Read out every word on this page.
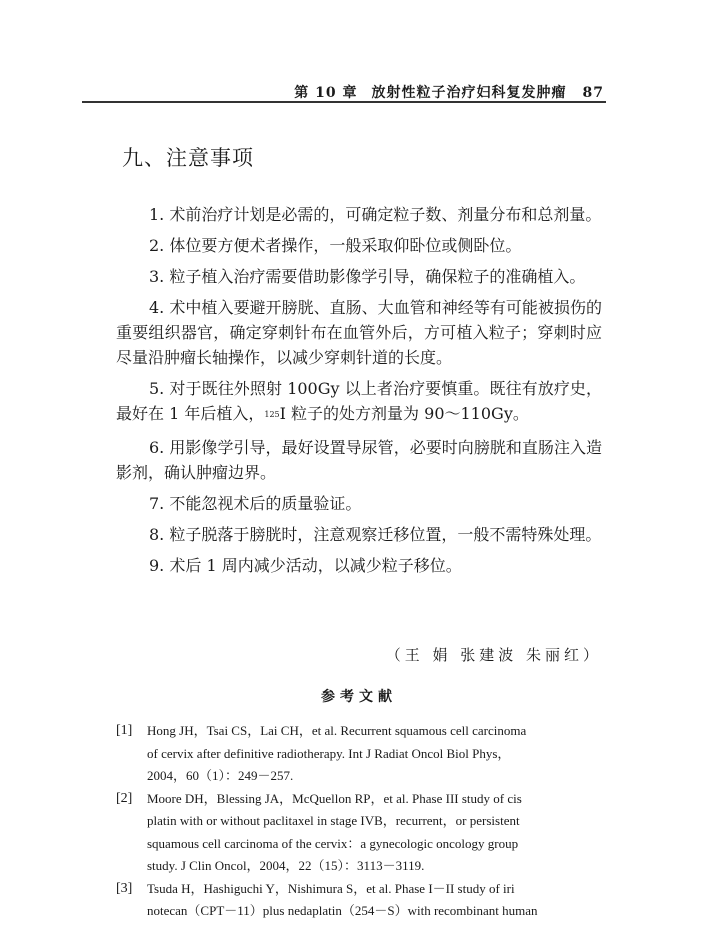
第 10 章 放射性粒子治疗妇科复发肿瘤 87
九、注意事项

1. 术前治疗计划是必需的，可确定粒子数、剂量分布和总剂量。

2. 体位要方便术者操作，一般采取仰卧位或侧卧位。

3. 粒子植入治疗需要借助影像学引导，确保粒子的准确植入。

4. 术中植入要避开膀胱、直肠、大血管和神经等有可能被损伤的重要组织器官，确定穿刺针布在血管外后，方可植入粒子；穿刺时应尽量沿肿瘤长轴操作，以减少穿刺针道的长度。

5. 对于既往外照射 100Gy 以上者治疗要慎重。既往有放疗史，最好在 1 年后植入，$^{125}$I 粒子的处方剂量为 90～110Gy。

6. 用影像学引导，最好设置导尿管，必要时向膀胱和直肠注入造影剂，确认肿瘤边界。

7. 不能忽视术后的质量验证。

8. 粒子脱落于膀胱时，注意观察迁移位置，一般不需特殊处理。

9. 术后 1 周内减少活动，以减少粒子移位。

（王 娟 张建波 朱丽红）
参考文献
[1] Hong JH，Tsai CS，Lai CH，et al. Recurrent squamous cell carcinoma
of cervix after definitive radiotherapy. Int J Radiat Oncol Biol Phys，
2004，60（1）：249－257.
[2] Moore DH，Blessing JA，McQuellon RP，et al. Phase III study of cis
platin with or without paclitaxel in stage IVB，recurrent，or persistent
squamous cell carcinoma of the cervix：a gynecologic oncology group
study. J Clin Oncol，2004，22（15）：3113－3119.
[3] Tsuda H，Hashiguchi Y，Nishimura S，et al. Phase I－II study of iri
notecan（CPT－11）plus nedaplatin（254－S）with recombinant human
